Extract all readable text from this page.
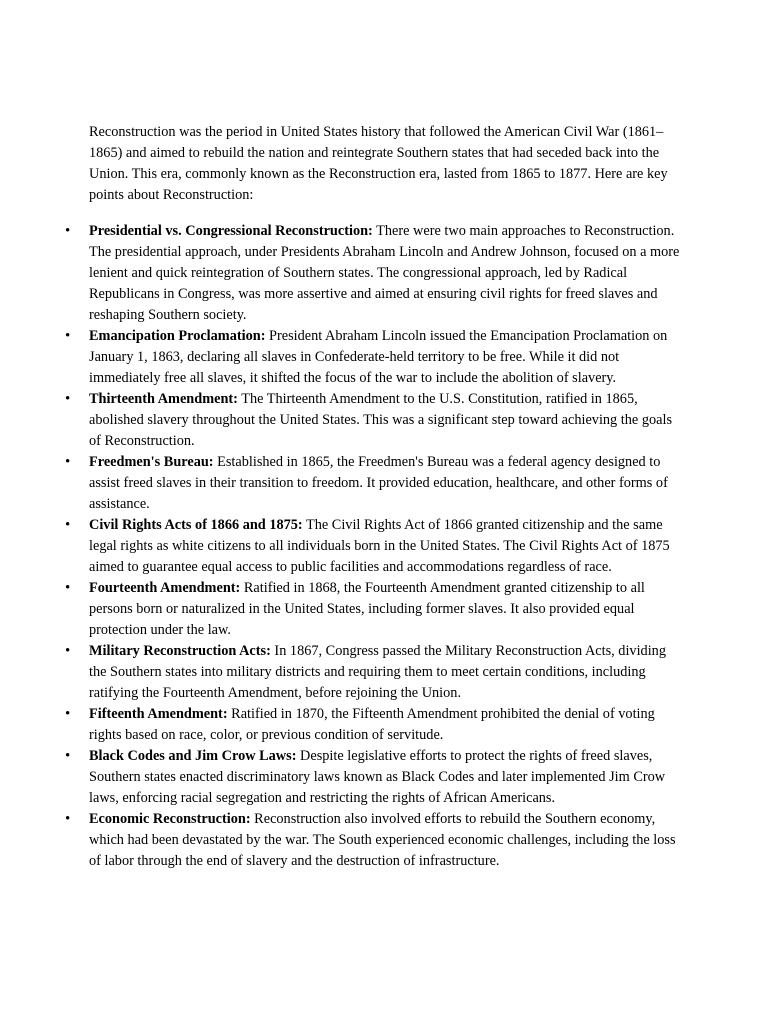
Reconstruction was the period in United States history that followed the American Civil War (1861–1865) and aimed to rebuild the nation and reintegrate Southern states that had seceded back into the Union. This era, commonly known as the Reconstruction era, lasted from 1865 to 1877. Here are key points about Reconstruction:

• Presidential vs. Congressional Reconstruction: There were two main approaches to Reconstruction. The presidential approach, under Presidents Abraham Lincoln and Andrew Johnson, focused on a more lenient and quick reintegration of Southern states. The congressional approach, led by Radical Republicans in Congress, was more assertive and aimed at ensuring civil rights for freed slaves and reshaping Southern society.
• Emancipation Proclamation: President Abraham Lincoln issued the Emancipation Proclamation on January 1, 1863, declaring all slaves in Confederate-held territory to be free. While it did not immediately free all slaves, it shifted the focus of the war to include the abolition of slavery.
• Thirteenth Amendment: The Thirteenth Amendment to the U.S. Constitution, ratified in 1865, abolished slavery throughout the United States. This was a significant step toward achieving the goals of Reconstruction.
• Freedmen's Bureau: Established in 1865, the Freedmen's Bureau was a federal agency designed to assist freed slaves in their transition to freedom. It provided education, healthcare, and other forms of assistance.
• Civil Rights Acts of 1866 and 1875: The Civil Rights Act of 1866 granted citizenship and the same legal rights as white citizens to all individuals born in the United States. The Civil Rights Act of 1875 aimed to guarantee equal access to public facilities and accommodations regardless of race.
• Fourteenth Amendment: Ratified in 1868, the Fourteenth Amendment granted citizenship to all persons born or naturalized in the United States, including former slaves. It also provided equal protection under the law.
• Military Reconstruction Acts: In 1867, Congress passed the Military Reconstruction Acts, dividing the Southern states into military districts and requiring them to meet certain conditions, including ratifying the Fourteenth Amendment, before rejoining the Union.
• Fifteenth Amendment: Ratified in 1870, the Fifteenth Amendment prohibited the denial of voting rights based on race, color, or previous condition of servitude.
• Black Codes and Jim Crow Laws: Despite legislative efforts to protect the rights of freed slaves, Southern states enacted discriminatory laws known as Black Codes and later implemented Jim Crow laws, enforcing racial segregation and restricting the rights of African Americans.
• Economic Reconstruction: Reconstruction also involved efforts to rebuild the Southern economy, which had been devastated by the war. The South experienced economic challenges, including the loss of labor through the end of slavery and the destruction of infrastructure.
